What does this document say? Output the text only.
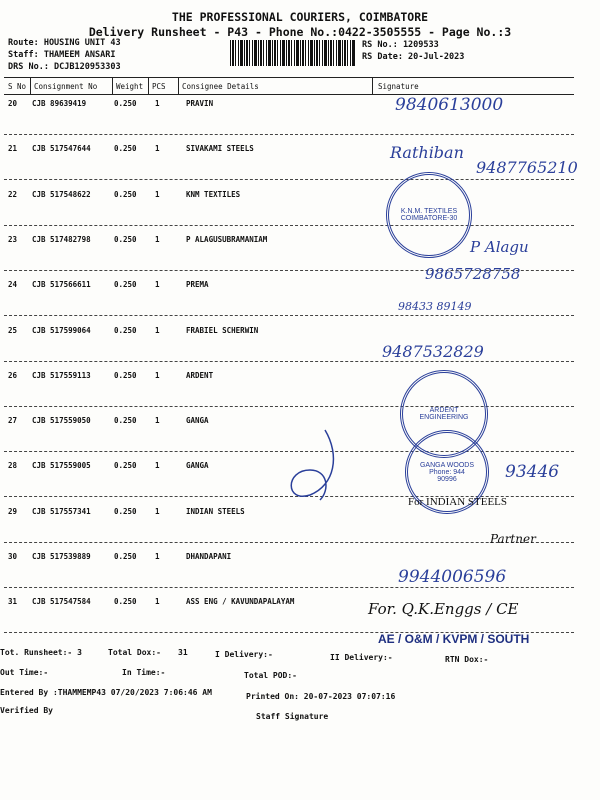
THE PROFESSIONAL COURIERS, COIMBATORE
Delivery Runsheet - P43 - Phone No.:0422-3505555 - Page No.:3
Route: HOUSING UNIT 43
Staff: THAMEEM ANSARI
DRS No.: DCJB120953303
RS No.: 1209533
RS Date: 20-Jul-2023
S No Consignment No	Weight PCS Consignee Details	Signature
20 CJB 89639419	0.250 1	PRAVIN
21 CJB 517547644	0.250 1	SIVAKAMI STEELS
22 CJB 517548622	0.250 1	KNM TEXTILES
23 CJB 517482798	0.250 1	P ALAGUSUBRAMANIAM
24 CJB 517566611	0.250 1	PREMA
25 CJB 517599064	0.250 1	FRABIEL SCHERWIN
26 CJB 517559113	0.250 1	ARDENT
27 CJB 517559050	0.250 1	GANGA
28 CJB 517559005	0.250 1	GANGA
29 CJB 517557341	0.250 1	INDIAN STEELS
30 CJB 517539889	0.250 1	DHANDAPANI
31 CJB 517547584	0.250 1	ASS ENG / KAVUNDAPALAYAM
9840613000
Rathiban
9487765210
P Alagu
9865728758
98433 89149
9487532829
93446
Partner
9944006596
For. Q.K.Enggs / CE
K.N.M. TEXTILES COIMBATORE-30
ARDENT ENGINEERING
GANGA WOODS Phone: 944 90996
For INDIAN STEELS
AE / O&M / KVPM / SOUTH
Tot. Runsheet:- 3	Total Dox:- 31	I Delivery:-	II Delivery:-	RTN Dox:-
Out Time:-	In Time:-	Total POD:-
Entered By :THAMMEMP43 07/20/2023 7:06:46 AM	Printed On: 20-07-2023 07:07:16
Verified By
Staff Signature
